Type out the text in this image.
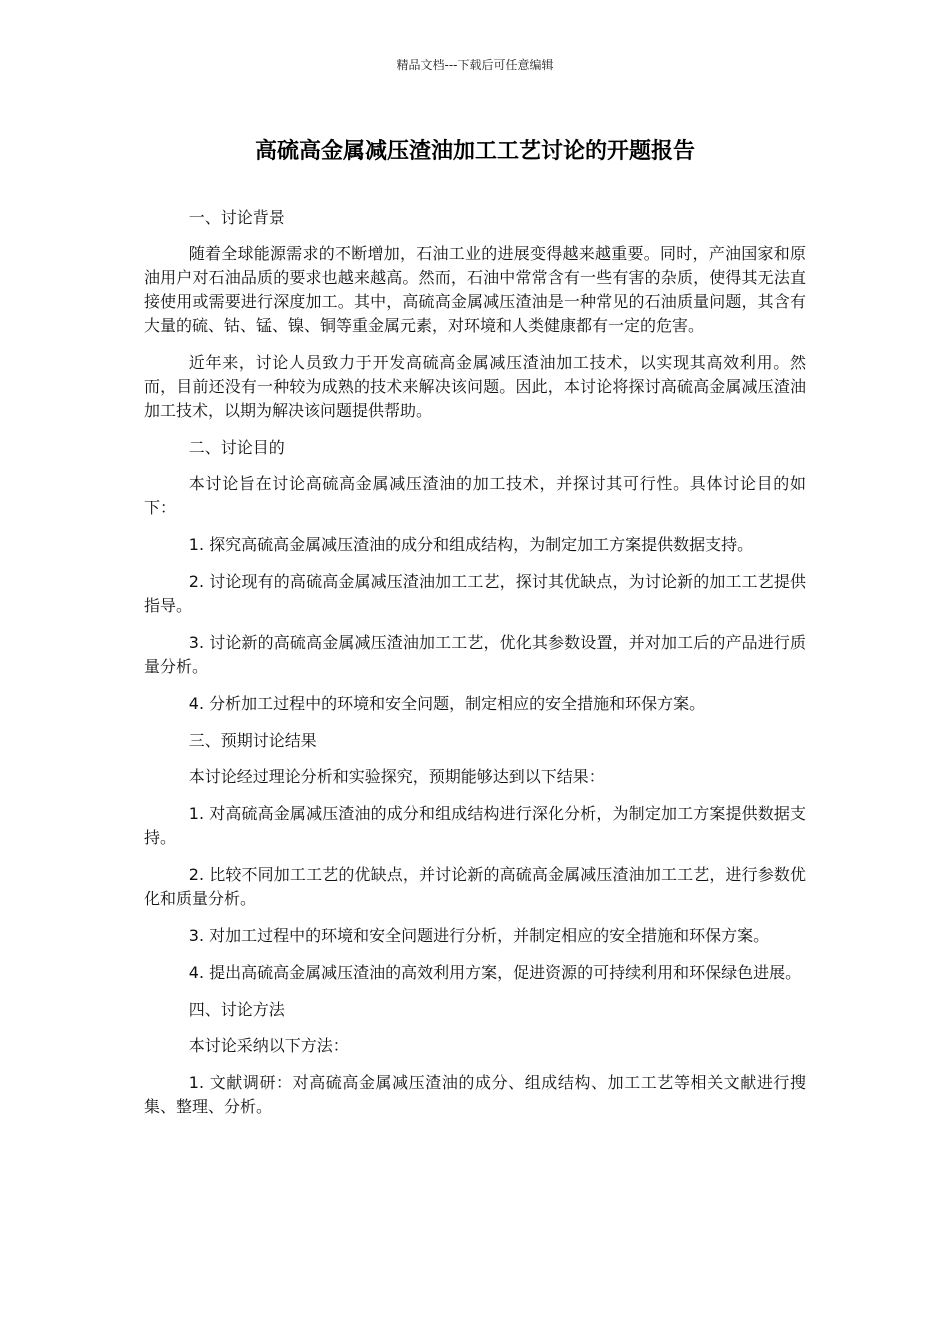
精品文档---下载后可任意编辑
高硫高金属减压渣油加工工艺讨论的开题报告

一、讨论背景

随着全球能源需求的不断增加，石油工业的进展变得越来越重要。同时，产油国家和原油用户对石油品质的要求也越来越高。然而，石油中常常含有一些有害的杂质，使得其无法直接使用或需要进行深度加工。其中，高硫高金属减压渣油是一种常见的石油质量问题，其含有大量的硫、钴、锰、镍、铜等重金属元素，对环境和人类健康都有一定的危害。

近年来，讨论人员致力于开发高硫高金属减压渣油加工技术，以实现其高效利用。然而，目前还没有一种较为成熟的技术来解决该问题。因此，本讨论将探讨高硫高金属减压渣油加工技术，以期为解决该问题提供帮助。

二、讨论目的

本讨论旨在讨论高硫高金属减压渣油的加工技术，并探讨其可行性。具体讨论目的如下：

1. 探究高硫高金属减压渣油的成分和组成结构，为制定加工方案提供数据支持。

2. 讨论现有的高硫高金属减压渣油加工工艺，探讨其优缺点，为讨论新的加工工艺提供指导。

3. 讨论新的高硫高金属减压渣油加工工艺，优化其参数设置，并对加工后的产品进行质量分析。

4. 分析加工过程中的环境和安全问题，制定相应的安全措施和环保方案。

三、预期讨论结果

本讨论经过理论分析和实验探究，预期能够达到以下结果：

1. 对高硫高金属减压渣油的成分和组成结构进行深化分析，为制定加工方案提供数据支持。

2. 比较不同加工工艺的优缺点，并讨论新的高硫高金属减压渣油加工工艺，进行参数优化和质量分析。

3. 对加工过程中的环境和安全问题进行分析，并制定相应的安全措施和环保方案。

4. 提出高硫高金属减压渣油的高效利用方案，促进资源的可持续利用和环保绿色进展。

四、讨论方法

本讨论采纳以下方法：

1. 文献调研：对高硫高金属减压渣油的成分、组成结构、加工工艺等相关文献进行搜集、整理、分析。
